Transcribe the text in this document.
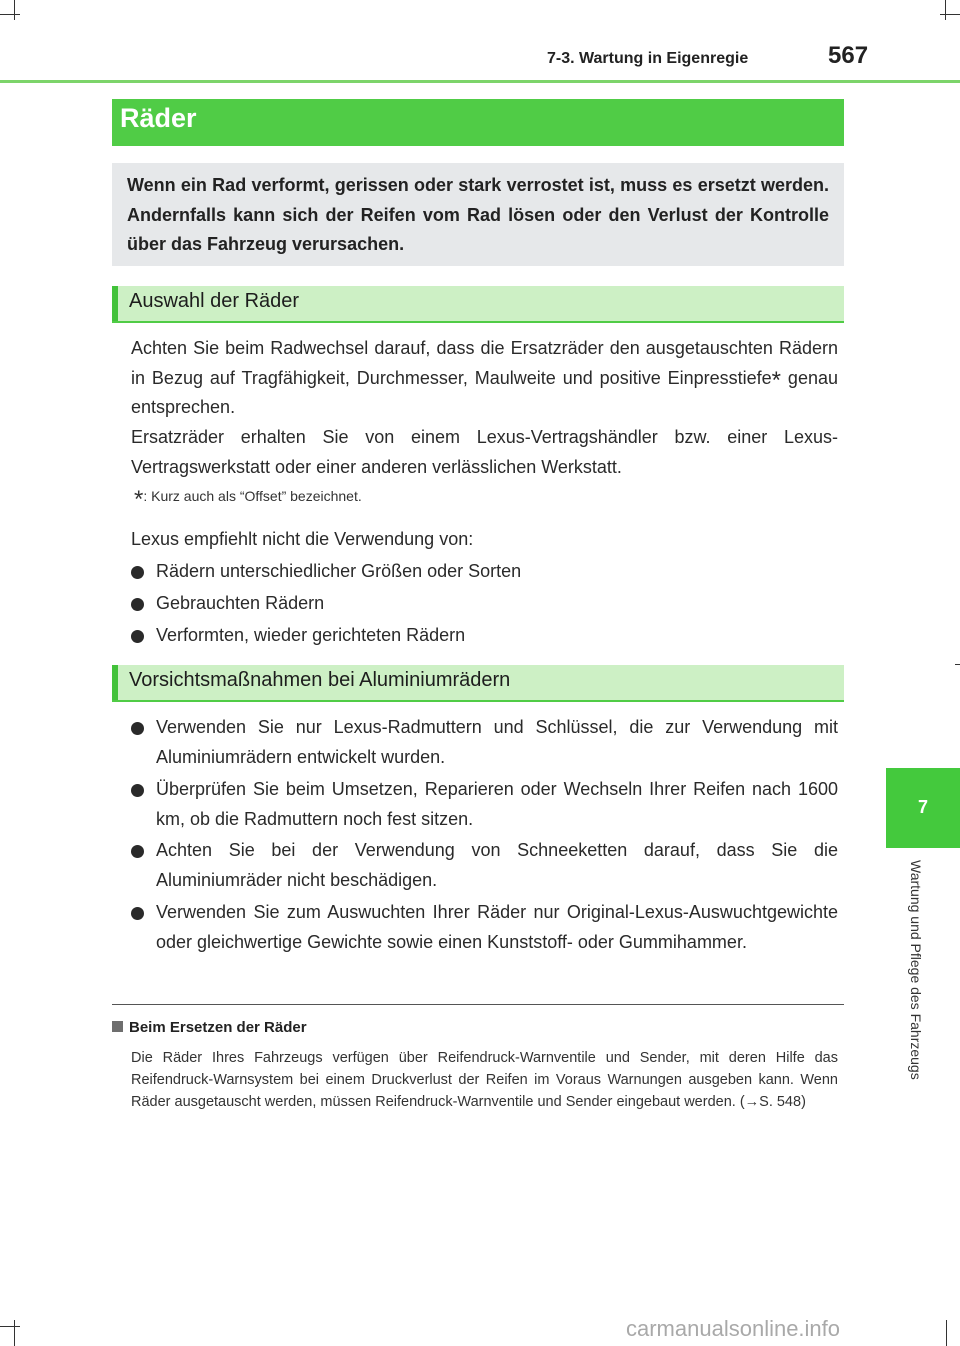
7-3. Wartung in Eigenregie	567
7
Wartung und Pflege des Fahrzeugs
Räder
Wenn ein Rad verformt, gerissen oder stark verrostet ist, muss es ersetzt werden. Andernfalls kann sich der Reifen vom Rad lösen oder den Verlust der Kontrolle über das Fahrzeug verursachen.
Auswahl der Räder
Achten Sie beim Radwechsel darauf, dass die Ersatzräder den ausgetauschten Rädern in Bezug auf Tragfähigkeit, Durchmesser, Maulweite und positive Einpresstiefe* genau entsprechen.
Ersatzräder erhalten Sie von einem Lexus-Vertragshändler bzw. einer Lexus-Vertragswerkstatt oder einer anderen verlässlichen Werkstatt.
*: Kurz auch als “Offset” bezeichnet.
Lexus empfiehlt nicht die Verwendung von:
Rädern unterschiedlicher Größen oder Sorten
Gebrauchten Rädern
Verformten, wieder gerichteten Rädern
Vorsichtsmaßnahmen bei Aluminiumrädern
Verwenden Sie nur Lexus-Radmuttern und Schlüssel, die zur Verwendung mit Aluminiumrädern entwickelt wurden.
Überprüfen Sie beim Umsetzen, Reparieren oder Wechseln Ihrer Reifen nach 1600 km, ob die Radmuttern noch fest sitzen.
Achten Sie bei der Verwendung von Schneeketten darauf, dass Sie die Aluminiumräder nicht beschädigen.
Verwenden Sie zum Auswuchten Ihrer Räder nur Original-Lexus-Auswuchtgewichte oder gleichwertige Gewichte sowie einen Kunststoff- oder Gummihammer.
Beim Ersetzen der Räder
Die Räder Ihres Fahrzeugs verfügen über Reifendruck-Warnventile und Sender, mit deren Hilfe das Reifendruck-Warnsystem bei einem Druckverlust der Reifen im Voraus Warnungen ausgeben kann. Wenn Räder ausgetauscht werden, müssen Reifendruck-Warnventile und Sender eingebaut werden. (→S. 548)
carmanualsonline.info
